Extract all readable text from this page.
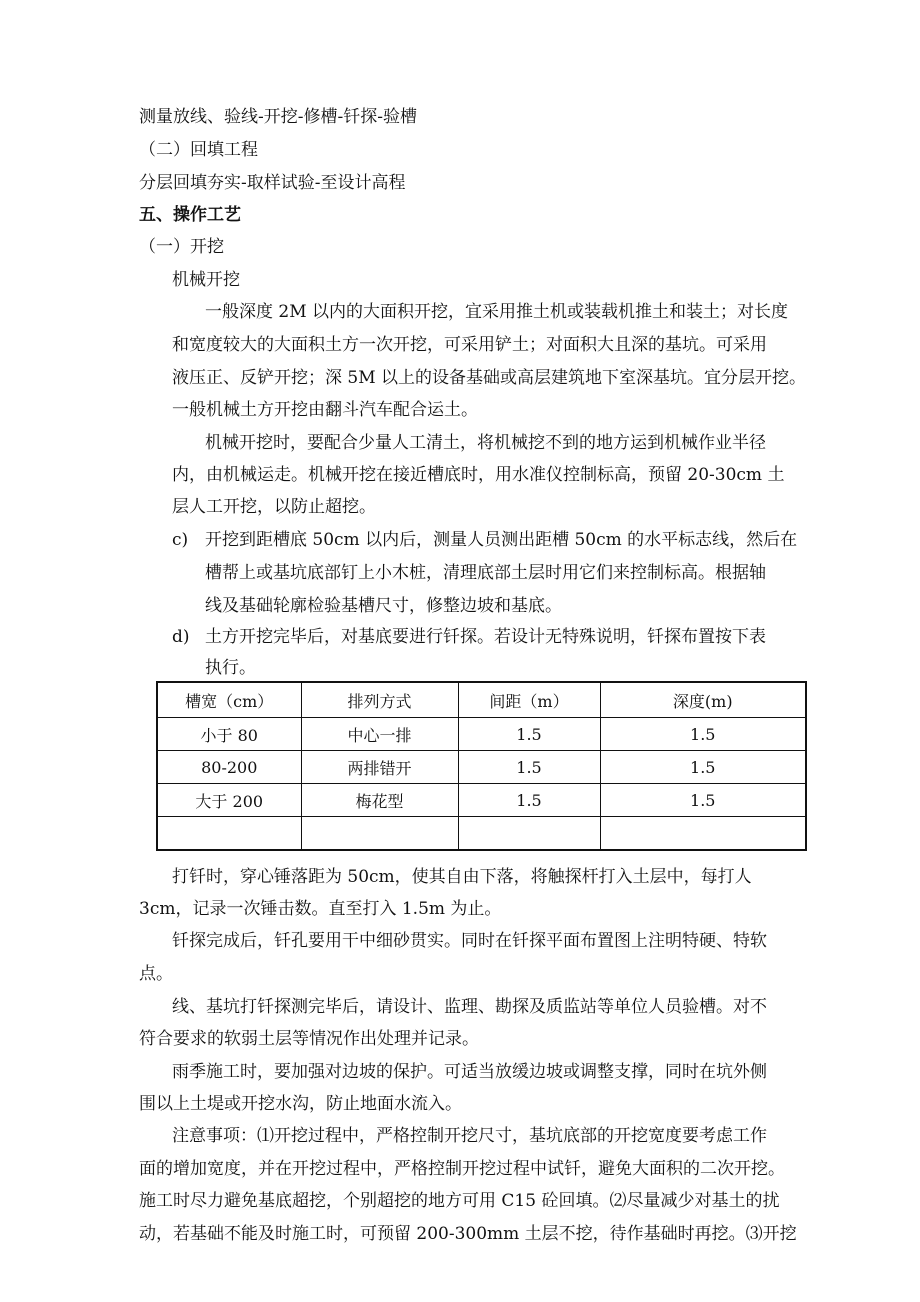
测量放线、验线-开挖-修槽-钎探-验槽
（二）回填工程
分层回填夯实-取样试验-至设计高程
五、操作工艺
（一）开挖
机械开挖
一般深度 2M 以内的大面积开挖，宜采用推土机或装载机推土和装土；对长度
和宽度较大的大面积土方一次开挖，可采用铲土；对面积大且深的基坑。可采用
液压正、反铲开挖；深 5M 以上的设备基础或高层建筑地下室深基坑。宜分层开挖。
一般机械土方开挖由翻斗汽车配合运土。
机械开挖时，要配合少量人工清土，将机械挖不到的地方运到机械作业半径
内，由机械运走。机械开挖在接近槽底时，用水准仪控制标高，预留 20-30cm 土
层人工开挖，以防止超挖。
c) 开挖到距槽底 50cm 以内后，测量人员测出距槽 50cm 的水平标志线，然后在
槽帮上或基坑底部钉上小木桩，清理底部土层时用它们来控制标高。根据轴
线及基础轮廓检验基槽尺寸，修整边坡和基底。
d) 土方开挖完毕后，对基底要进行钎探。若设计无特殊说明，钎探布置按下表
执行。
槽宽（cm）	排列方式	间距（m）	深度(m)
小于 80	中心一排	1.5	1.5
80-200	两排错开	1.5	1.5
大于 200	梅花型	1.5	1.5

打钎时，穿心锤落距为 50cm，使其自由下落，将触探杆打入土层中，每打人
3cm，记录一次锤击数。直至打入 1.5m 为止。
钎探完成后，钎孔要用干中细砂贯实。同时在钎探平面布置图上注明特硬、特软
点。
线、基坑打钎探测完毕后，请设计、监理、勘探及质监站等单位人员验槽。对不
符合要求的软弱土层等情况作出处理并记录。
雨季施工时，要加强对边坡的保护。可适当放缓边坡或调整支撑，同时在坑外侧
围以上土堤或开挖水沟，防止地面水流入。
注意事项：⑴开挖过程中，严格控制开挖尺寸，基坑底部的开挖宽度要考虑工作
面的增加宽度，并在开挖过程中，严格控制开挖过程中试钎，避免大面积的二次开挖。
施工时尽力避免基底超挖，个别超挖的地方可用 C15 砼回填。⑵尽量减少对基土的扰
动，若基础不能及时施工时，可预留 200-300mm 土层不挖，待作基础时再挖。⑶开挖
